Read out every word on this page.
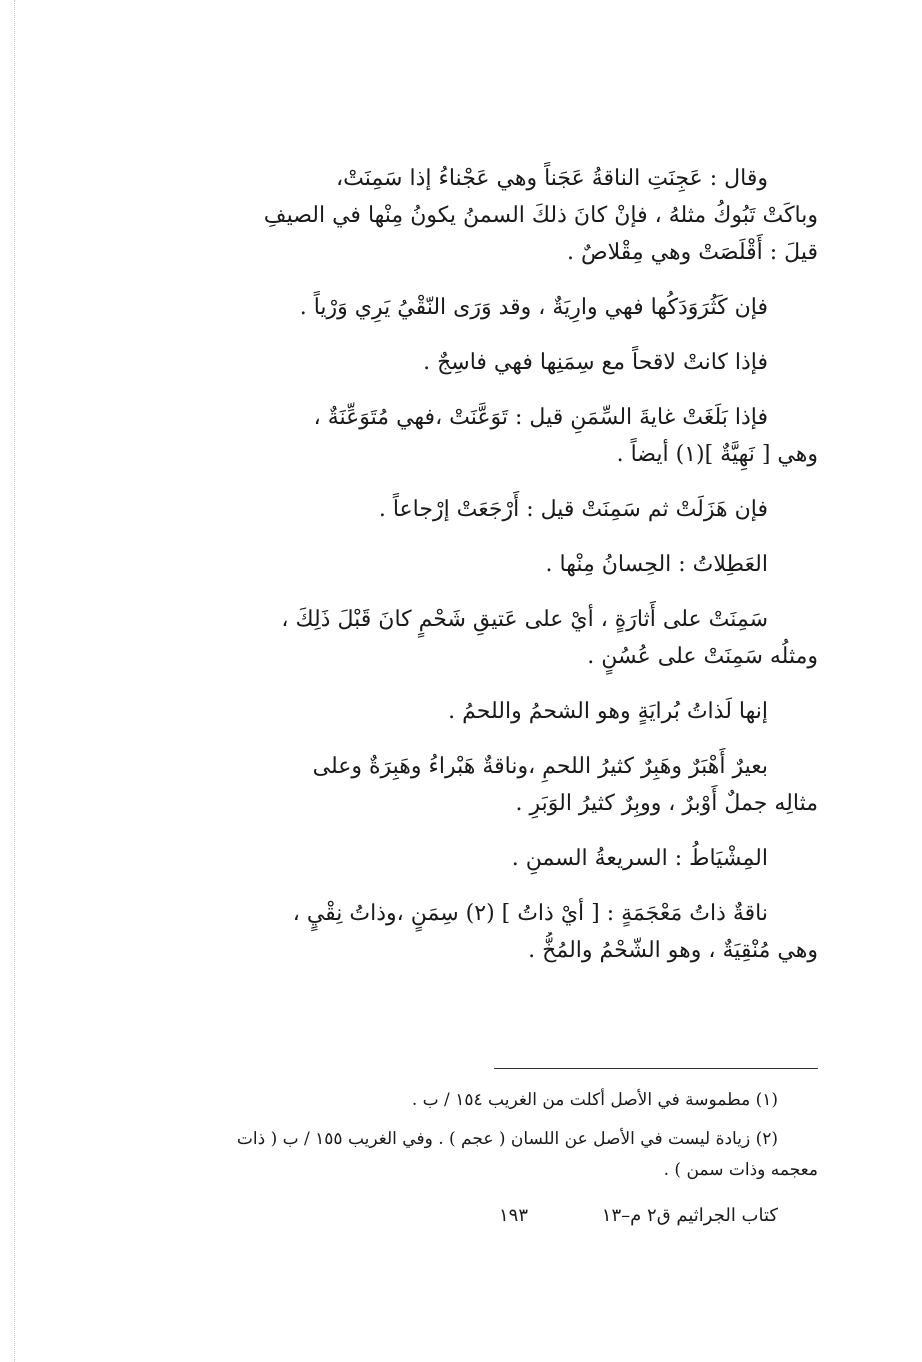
وقال : عَجِنَتِ الناقةُ عَجَناً وهي عَجْناءُ إذا سَمِنَتْ،
وباكَتْ تَبُوكُ مثلهُ ، فإنْ كانَ ذلكَ السمنُ يكونُ مِنْها في الصيفِ
قيلَ : أَقْلَصَتْ وهي مِقْلاصٌ .
فإن كَثُرَوَدَكُها فهي وارِيَةٌ ، وقد وَرَى النّقْيُ يَرِي وَرْياً .
فإذا كانتْ لاقحاً مع سِمَنِها فهي فاسِجٌ .
فإذا بَلَغَتْ غايةَ السِّمَنِ قيل : تَوَعَّنَتْ ،فهي مُتَوَعِّنَةٌ ،
وهي [ نَهِيَّةٌ ](١) أيضاً .
فإن هَزَلَتْ ثم سَمِنَتْ قيل : أَرْجَعَتْ إرْجاعاً .
العَطِلاتُ : الحِسانُ مِنْها .
سَمِنَتْ على أَثارَةٍ ، أيْ على عَتيقِ شَحْمٍ كانَ قَبْلَ ذَلِكَ ،
ومثلُه سَمِنَتْ على عُسُنٍ .
إنها لَذاتُ بُرايَةٍ وهو الشحمُ واللحمُ .
بعيرٌ أَهْبَرٌ وهَبِرٌ كثيرُ اللحمِ ،وناقةٌ هَبْراءُ وهَبِرَةٌ وعلى
مثالِه جملٌ أَوْبرٌ ، ووبِرٌ كثيرُ الوَبَرِ .
المِشْيَاطُ : السريعةُ السمنِ .
ناقةٌ ذاتُ مَعْجَمَةٍ : [ أيْ ذاتُ ] (٢) سِمَنٍ ،وذاتُ نِقْيٍ ،
وهي مُنْقِيَةٌ ، وهو الشّحْمُ والمُخُّ .
(١) مطموسة في الأصل أكلت من الغريب ١٥٤ / ب .
(٢) زيادة ليست في الأصل عن اللسان ( عجم ) . وفي الغريب ١٥٥ / ب ( ذات
معجمه وذات سمن ) .
كتاب الجراثيم ق٢ م–١٣
١٩٣
